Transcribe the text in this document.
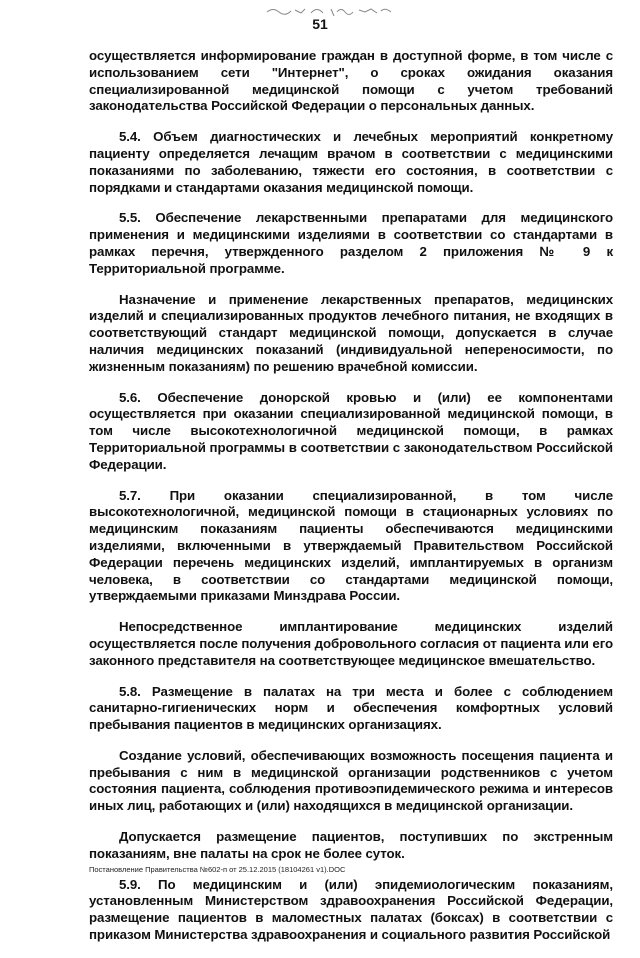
51

осуществляется информирование граждан в доступной форме, в том числе с использованием сети "Интернет", о сроках ожидания оказания специализированной медицинской помощи с учетом требований законодательства Российской Федерации о персональных данных.

5.4. Объем диагностических и лечебных мероприятий конкретному пациенту определяется лечащим врачом в соответствии с медицинскими показаниями по заболеванию, тяжести его состояния, в соответствии с порядками и стандартами оказания медицинской помощи.

5.5. Обеспечение лекарственными препаратами для медицинского применения и медицинскими изделиями в соответствии со стандартами в рамках перечня, утвержденного разделом 2 приложения № 9 к Территориальной программе.

Назначение и применение лекарственных препаратов, медицинских изделий и специализированных продуктов лечебного питания, не входящих в соответствующий стандарт медицинской помощи, допускается в случае наличия медицинских показаний (индивидуальной непереносимости, по жизненным показаниям) по решению врачебной комиссии.

5.6. Обеспечение донорской кровью и (или) ее компонентами осуществляется при оказании специализированной медицинской помощи, в том числе высокотехнологичной медицинской помощи, в рамках Территориальной программы в соответствии с законодательством Российской Федерации.

5.7. При оказании специализированной, в том числе высокотехнологичной, медицинской помощи в стационарных условиях по медицинским показаниям пациенты обеспечиваются медицинскими изделиями, включенными в утверждаемый Правительством Российской Федерации перечень медицинских изделий, имплантируемых в организм человека, в соответствии со стандартами медицинской помощи, утверждаемыми приказами Минздрава России.

Непосредственное имплантирование медицинских изделий осуществляется после получения добровольного согласия от пациента или его законного представителя на соответствующее медицинское вмешательство.

5.8. Размещение в палатах на три места и более с соблюдением санитарно-гигиенических норм и обеспечения комфортных условий пребывания пациентов в медицинских организациях.

Создание условий, обеспечивающих возможность посещения пациента и пребывания с ним в медицинской организации родственников с учетом состояния пациента, соблюдения противоэпидемического режима и интересов иных лиц, работающих и (или) находящихся в медицинской организации.

Допускается размещение пациентов, поступивших по экстренным показаниям, вне палаты на срок не более суток.

5.9. По медицинским и (или) эпидемиологическим показаниям, установленным Министерством здравоохранения Российской Федерации, размещение пациентов в маломестных палатах (боксах) в соответствии с приказом Министерства здравоохранения и социального развития Российской

Постановление Правительства №602-п от 25.12.2015 (18104261 v1).DOC
